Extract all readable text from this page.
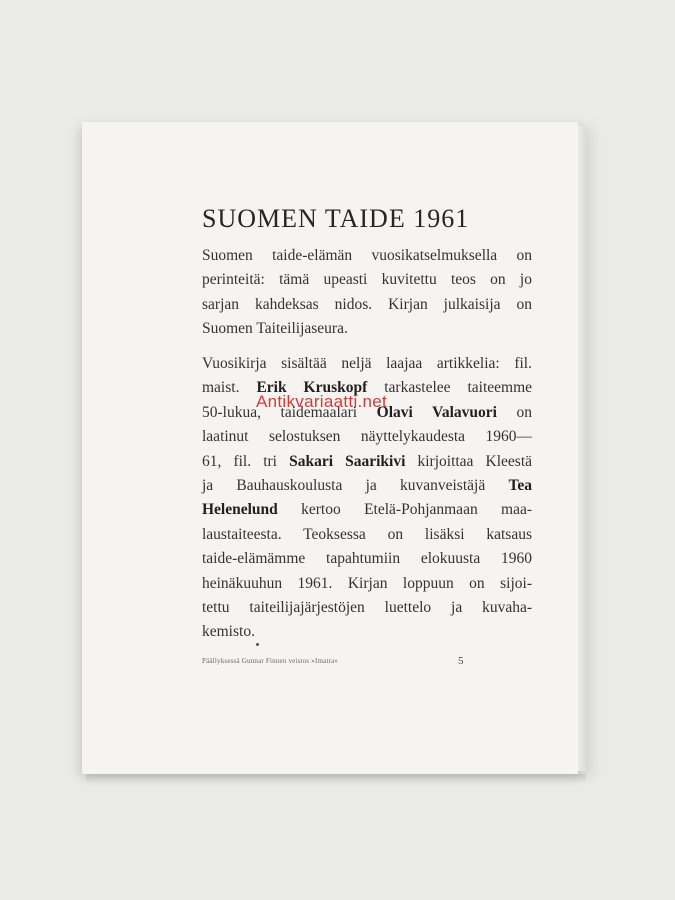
SUOMEN TAIDE 1961
Suomen taide-elämän vuosikatselmuksella on
perinteitä: tämä upeasti kuvitettu teos on jo
sarjan kahdeksas nidos. Kirjan julkaisija on
Suomen Taiteilijaseura.
Vuosikirja sisältää neljä laajaa artikkelia: fil.
maist. Erik Kruskopf tarkastelee taiteemme
50-lukua, taidemaalari Olavi Valavuori on
laatinut selostuksen näyttelykaudesta 1960—
61, fil. tri Sakari Saarikivi kirjoittaa Kleestä
ja Bauhauskoulusta ja kuvanveistäjä Tea
Helenelund kertoo Etelä-Pohjanmaan maa-
laustaiteesta. Teoksessa on lisäksi katsaus
taide-elämämme tapahtumiin elokuusta 1960
heinäkuuhun 1961. Kirjan loppuun on sijoi-
tettu taiteilijajärjestöjen luettelo ja kuvaha-
kemisto.
Antikvariaatti.net
Päällyksessä Gunnar Finnen veistos »Imatra»	5
